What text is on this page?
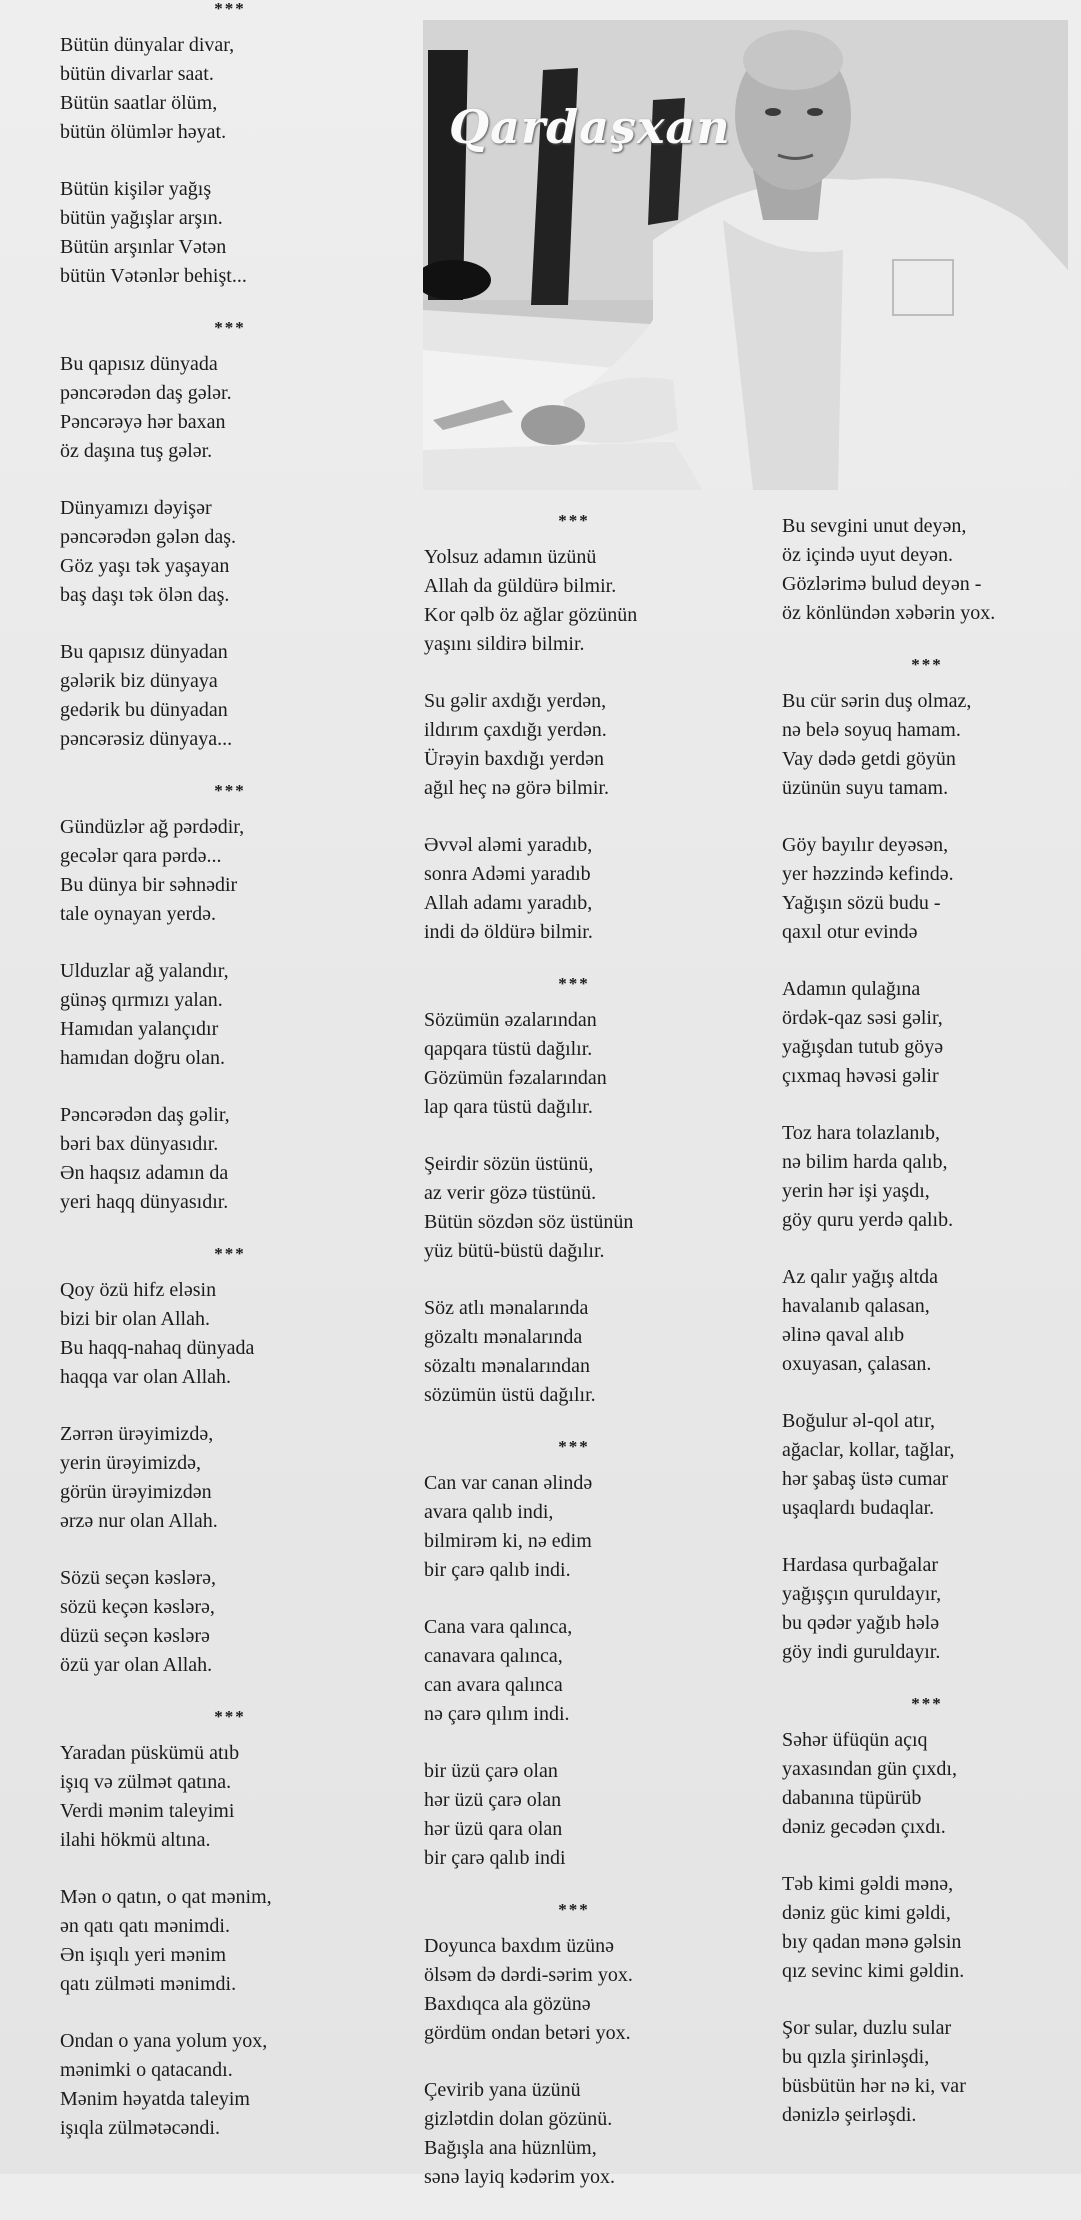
Qardaşxan
***
Bütün dünyalar divar,
bütün divarlar saat.
Bütün saatlar ölüm,
bütün ölümlər həyat.
Bütün kişilər yağış
bütün yağışlar arşın.
Bütün arşınlar Vətən
bütün Vətənlər behişt...
***
Bu qapısız dünyada
pəncərədən daş gələr.
Pəncərəyə hər baxan
öz daşına tuş gələr.
Dünyamızı dəyişər
pəncərədən gələn daş.
Göz yaşı tək yaşayan
baş daşı tək ölən daş.
Bu qapısız dünyadan
gələrik biz dünyaya
gedərik bu dünyadan
pəncərəsiz dünyaya...
***
Gündüzlər ağ pərdədir,
gecələr qara pərdə...
Bu dünya bir səhnədir
tale oynayan yerdə.
Ulduzlar ağ yalandır,
günəş qırmızı yalan.
Hamıdan yalançıdır
hamıdan doğru olan.
Pəncərədən daş gəlir,
bəri bax dünyasıdır.
Ən haqsız adamın da
yeri haqq dünyasıdır.
***
Qoy özü hifz eləsin
bizi bir olan Allah.
Bu haqq-nahaq dünyada
haqqa var olan Allah.
Zərrən ürəyimizdə,
yerin ürəyimizdə,
görün ürəyimizdən
ərzə nur olan Allah.
Sözü seçən kəslərə,
sözü keçən kəslərə,
düzü seçən kəslərə
özü yar olan Allah.
***
Yaradan püskümü atıb
işıq və zülmət qatına.
Verdi mənim taleyimi
ilahi hökmü altına.
Mən o qatın, o qat mənim,
ən qatı qatı mənimdi.
Ən işıqlı yeri mənim
qatı zülməti mənimdi.
Ondan o yana yolum yox,
mənimki o qatacandı.
Mənim həyatda taleyim
işıqla zülmətəcəndi.
***
Yolsuz adamın üzünü
Allah da güldürə bilmir.
Kor qəlb öz ağlar gözünün
yaşını sildirə bilmir.
Su gəlir axdığı yerdən,
ildırım çaxdığı yerdən.
Ürəyin baxdığı yerdən
ağıl heç nə görə bilmir.
Əvvəl aləmi yaradıb,
sonra Adəmi yaradıb
Allah adamı yaradıb,
indi də öldürə bilmir.
***
Sözümün əzalarından
qapqara tüstü dağılır.
Gözümün fəzalarından
lap qara tüstü dağılır.
Şeirdir sözün üstünü,
az verir gözə tüstünü.
Bütün sözdən söz üstünün
yüz bütü-büstü dağılır.
Söz atlı mənalarında
gözaltı mənalarında
sözaltı mənalarından
sözümün üstü dağılır.
***
Can var canan əlində
avara qalıb indi,
bilmirəm ki, nə edim
bir çarə qalıb indi.
Cana vara qalınca,
canavara qalınca,
can avara qalınca
nə çarə qılım indi.
bir üzü çarə olan
hər üzü çarə olan
hər üzü qara olan
bir çarə qalıb indi
***
Doyunca baxdım üzünə
ölsəm də dərdi-sərim yox.
Baxdıqca ala gözünə
gördüm ondan betəri yox.
Çevirib yana üzünü
gizlətdin dolan gözünü.
Bağışla ana hüznlüm,
sənə layiq kədərim yox.
Bu sevgini unut deyən,
öz içində uyut deyən.
Gözlərimə bulud deyən -
öz könlündən xəbərin yox.
***
Bu cür sərin duş olmaz,
nə belə soyuq hamam.
Vay dədə getdi göyün
üzünün suyu tamam.
Göy bayılır deyəsən,
yer həzzində kefində.
Yağışın sözü budu -
qaxıl otur evində
Adamın qulağına
ördək-qaz səsi gəlir,
yağışdan tutub göyə
çıxmaq həvəsi gəlir
Toz hara tolazlanıb,
nə bilim harda qalıb,
yerin hər işi yaşdı,
göy quru yerdə qalıb.
Az qalır yağış altda
havalanıb qalasan,
əlinə qaval alıb
oxuyasan, çalasan.
Boğulur əl-qol atır,
ağaclar, kollar, tağlar,
hər şabaş üstə cumar
uşaqlardı budaqlar.
Hardasa qurbağalar
yağışçın quruldayır,
bu qədər yağıb hələ
göy indi guruldayır.
***
Səhər üfüqün açıq
yaxasından gün çıxdı,
dabanına tüpürüb
dəniz gecədən çıxdı.
Təb kimi gəldi mənə,
dəniz güc kimi gəldi,
bıy qadan mənə gəlsin
qız sevinc kimi gəldin.
Şor sular, duzlu sular
bu qızla şirinləşdi,
büsbütün hər nə ki, var
dənizlə şeirləşdi.
